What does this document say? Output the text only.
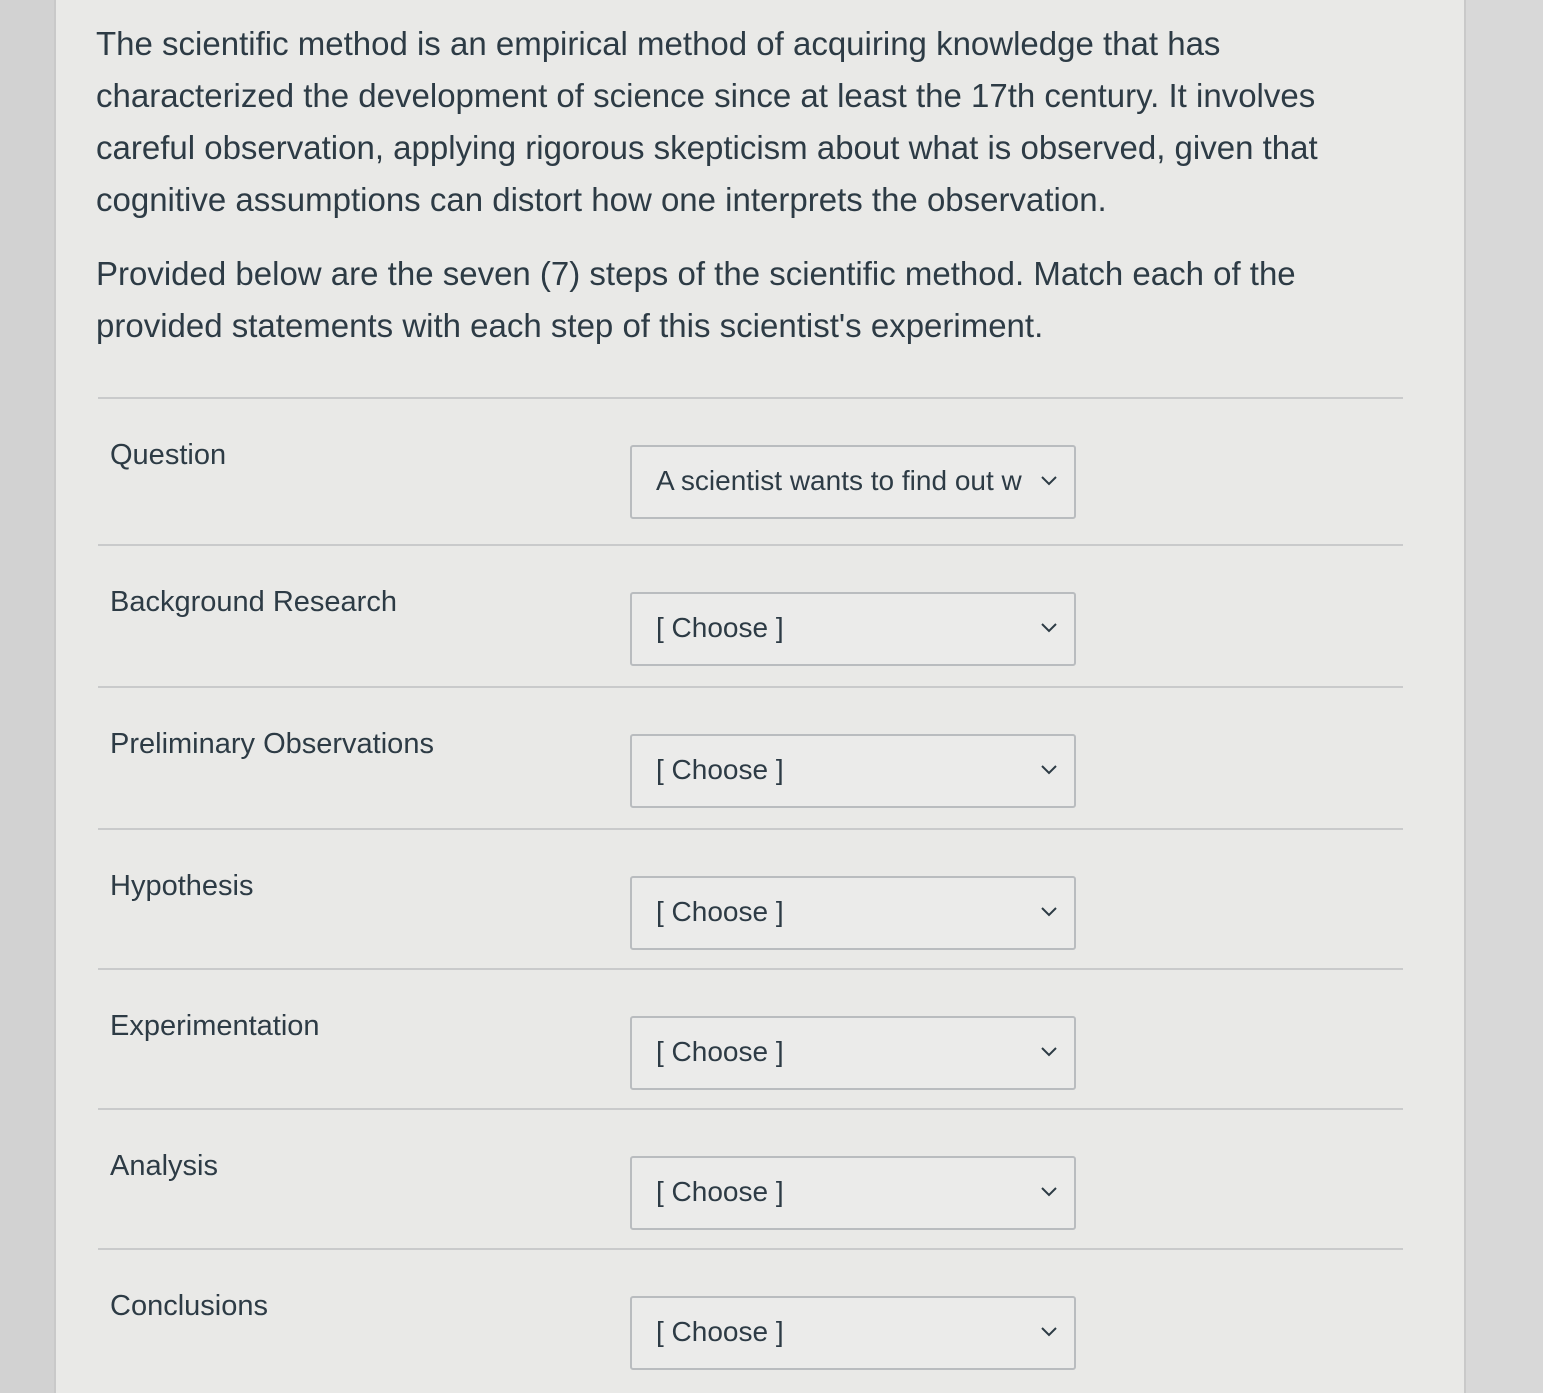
The scientific method is an empirical method of acquiring knowledge that has characterized the development of science since at least the 17th century. It involves careful observation, applying rigorous skepticism about what is observed, given that cognitive assumptions can distort how one interprets the observation.

Provided below are the seven (7) steps of the scientific method. Match each of the provided statements with each step of this scientist's experiment.

Question
A scientist wants to find out w
Background Research
[ Choose ]
Preliminary Observations
[ Choose ]
Hypothesis
[ Choose ]
Experimentation
[ Choose ]
Analysis
[ Choose ]
Conclusions
[ Choose ]
